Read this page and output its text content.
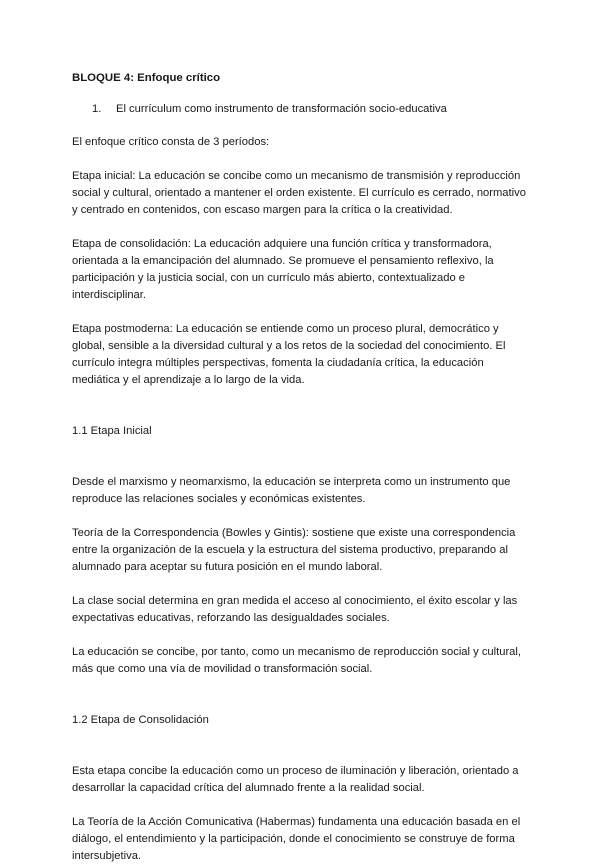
BLOQUE 4: Enfoque crítico
1.	El currículum como instrumento de transformación socio-educativa

El enfoque crítico consta de 3 períodos:

Etapa inicial: La educación se concibe como un mecanismo de transmisión y reproducción social y cultural, orientado a mantener el orden existente. El currículo es cerrado, normativo y centrado en contenidos, con escaso margen para la crítica o la creatividad.

Etapa de consolidación: La educación adquiere una función crítica y transformadora, orientada a la emancipación del alumnado. Se promueve el pensamiento reflexivo, la participación y la justicia social, con un currículo más abierto, contextualizado e interdisciplinar.

Etapa postmoderna: La educación se entiende como un proceso plural, democrático y global, sensible a la diversidad cultural y a los retos de la sociedad del conocimiento. El currículo integra múltiples perspectivas, fomenta la ciudadanía crítica, la educación mediática y el aprendizaje a lo largo de la vida.

1.1 Etapa Inicial

Desde el marxismo y neomarxismo, la educación se interpreta como un instrumento que reproduce las relaciones sociales y económicas existentes.

Teoría de la Correspondencia (Bowles y Gintis): sostiene que existe una correspondencia entre la organización de la escuela y la estructura del sistema productivo, preparando al alumnado para aceptar su futura posición en el mundo laboral.

La clase social determina en gran medida el acceso al conocimiento, el éxito escolar y las expectativas educativas, reforzando las desigualdades sociales.

La educación se concibe, por tanto, como un mecanismo de reproducción social y cultural, más que como una vía de movilidad o transformación social.

1.2 Etapa de Consolidación

Esta etapa concibe la educación como un proceso de iluminación y liberación, orientado a desarrollar la capacidad crítica del alumnado frente a la realidad social.

La Teoría de la Acción Comunicativa (Habermas) fundamenta una educación basada en el diálogo, el entendimiento y la participación, donde el conocimiento se construye de forma intersubjetiva.
